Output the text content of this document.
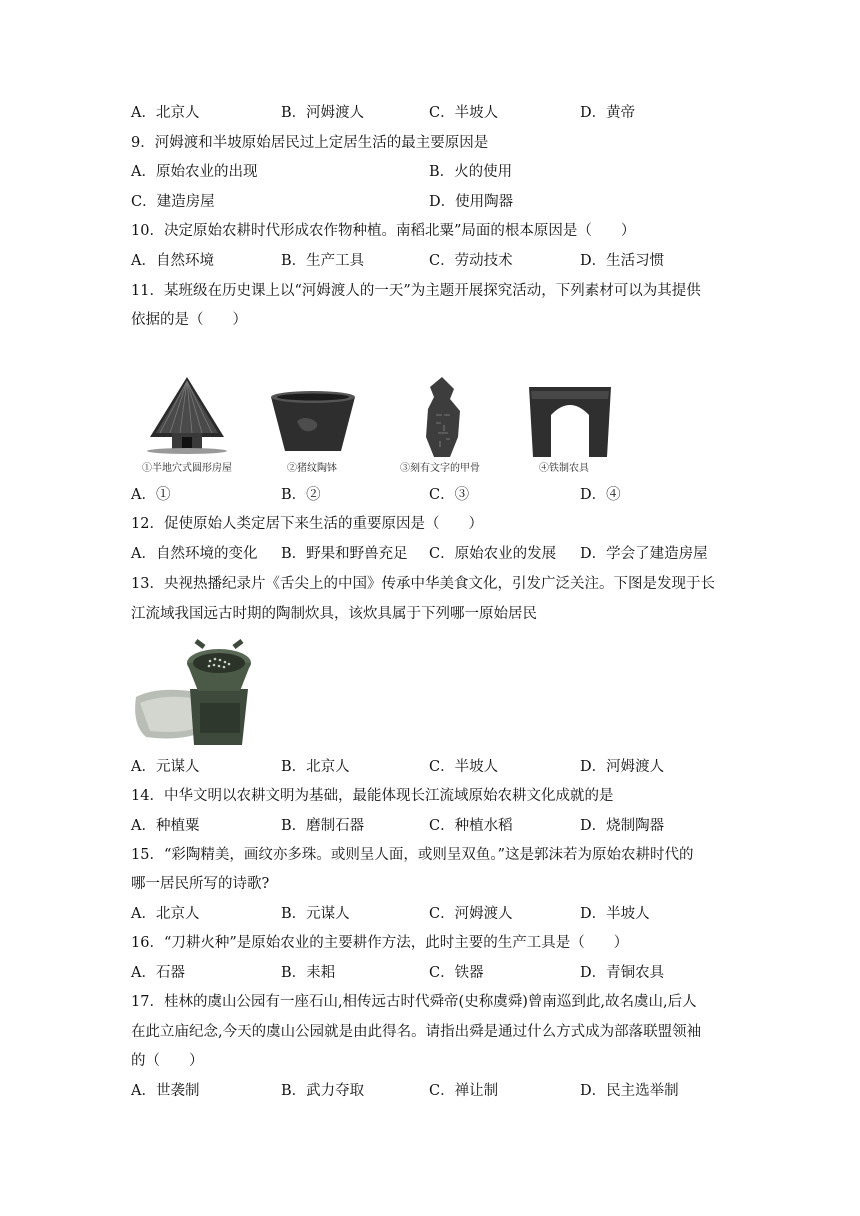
A．北京人	B．河姆渡人	C．半坡人	D．黄帝
9．河姆渡和半坡原始居民过上定居生活的最主要原因是
A．原始农业的出现	B．火的使用
C．建造房屋	D．使用陶器
10．决定原始农耕时代形成农作物种植。南稻北粟”局面的根本原因是（　　）
A．自然环境	B．生产工具	C．劳动技术	D．生活习惯
11．某班级在历史课上以“河姆渡人的一天”为主题开展探究活动，下列素材可以为其提供
依据的是（　　）
①半地穴式圆形房屋	②猪纹陶钵	③刻有文字的甲骨	④铁制农具
A．①	B．②	C．③	D．④
12．促使原始人类定居下来生活的重要原因是（　　）
A．自然环境的变化 B．野果和野兽充足 C．原始农业的发展 D．学会了建造房屋
13．央视热播纪录片《舌尖上的中国》传承中华美食文化，引发广泛关注。下图是发现于长
江流域我国远古时期的陶制炊具，该炊具属于下列哪一原始居民
A．元谋人	B．北京人	C．半坡人	D．河姆渡人
14．中华文明以农耕文明为基础，最能体现长江流域原始农耕文化成就的是
A．种植粟	B．磨制石器	C．种植水稻	D．烧制陶器
15．“彩陶精美，画纹亦多珠。或则呈人面，或则呈双鱼。”这是郭沫若为原始农耕时代的
哪一居民所写的诗歌?
A．北京人	B．元谋人	C．河姆渡人	D．半坡人
16．“刀耕火种”是原始农业的主要耕作方法，此时主要的生产工具是（　　）
A．石器	B．耒耜	C．铁器	D．青铜农具
17．桂林的虞山公园有一座石山,相传远古时代舜帝(史称虞舜)曾南巡到此,故名虞山,后人
在此立庙纪念,今天的虞山公园就是由此得名。请指出舜是通过什么方式成为部落联盟领袖
的（　　）
A．世袭制	B．武力夺取	C．禅让制	D．民主选举制
